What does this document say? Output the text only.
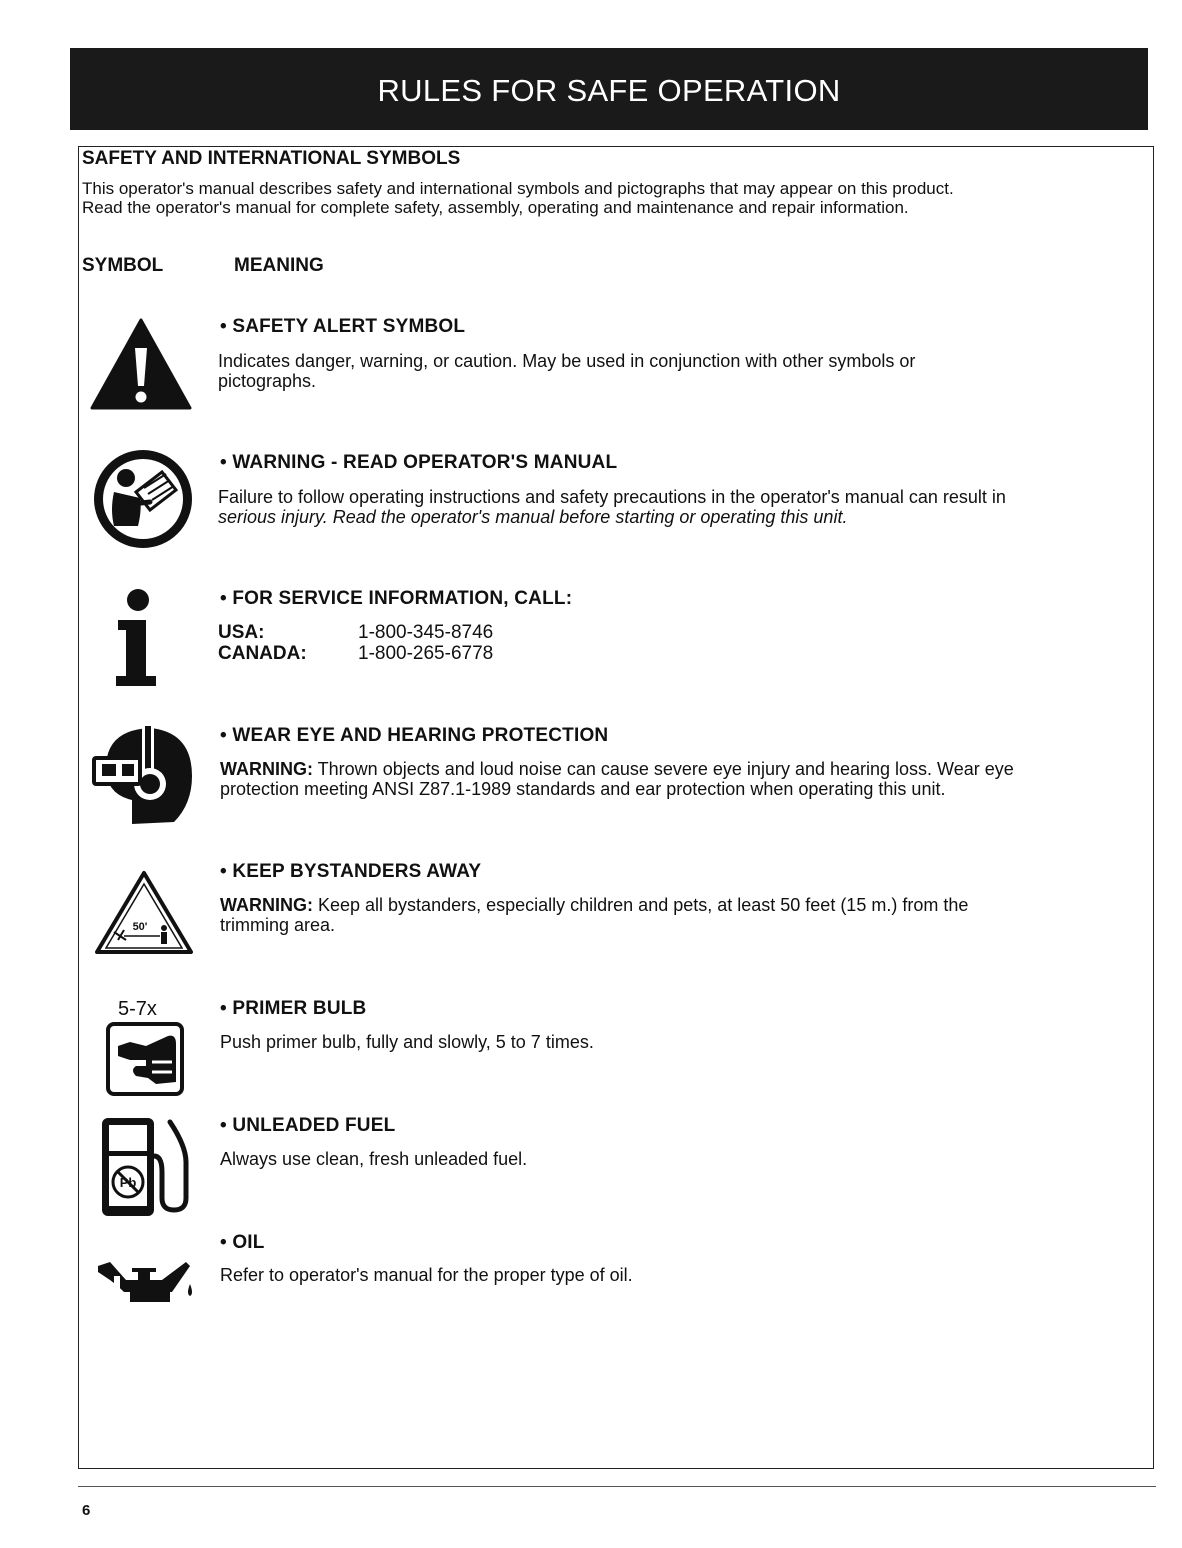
RULES FOR SAFE OPERATION
SAFETY AND INTERNATIONAL SYMBOLS
This operator's manual describes safety and international symbols and pictographs that may appear on this product.
Read the operator's manual for complete safety, assembly, operating and maintenance and repair information.
SYMBOL	MEANING
• SAFETY ALERT SYMBOL
Indicates danger, warning, or caution. May be used in conjunction with other symbols or
pictographs.
• WARNING - READ OPERATOR'S MANUAL
Failure to follow operating instructions and safety precautions in the operator's manual can result in
serious injury. Read the operator's manual before starting or operating this unit.
• FOR SERVICE INFORMATION, CALL:
USA:	1-800-345-8746
CANADA:	1-800-265-6778
• WEAR EYE AND HEARING PROTECTION
WARNING: Thrown objects and loud noise can cause severe eye injury and hearing loss. Wear eye
protection meeting ANSI Z87.1-1989 standards and ear protection when operating this unit.
50'
• KEEP BYSTANDERS AWAY
WARNING: Keep all bystanders, especially children and pets, at least 50 feet (15 m.) from the
trimming area.
5-7x	• PRIMER BULB
Push primer bulb, fully and slowly, 5 to 7 times.
Pb
• UNLEADED FUEL
Always use clean, fresh unleaded fuel.
• OIL
Refer to operator's manual for the proper type of oil.
6
